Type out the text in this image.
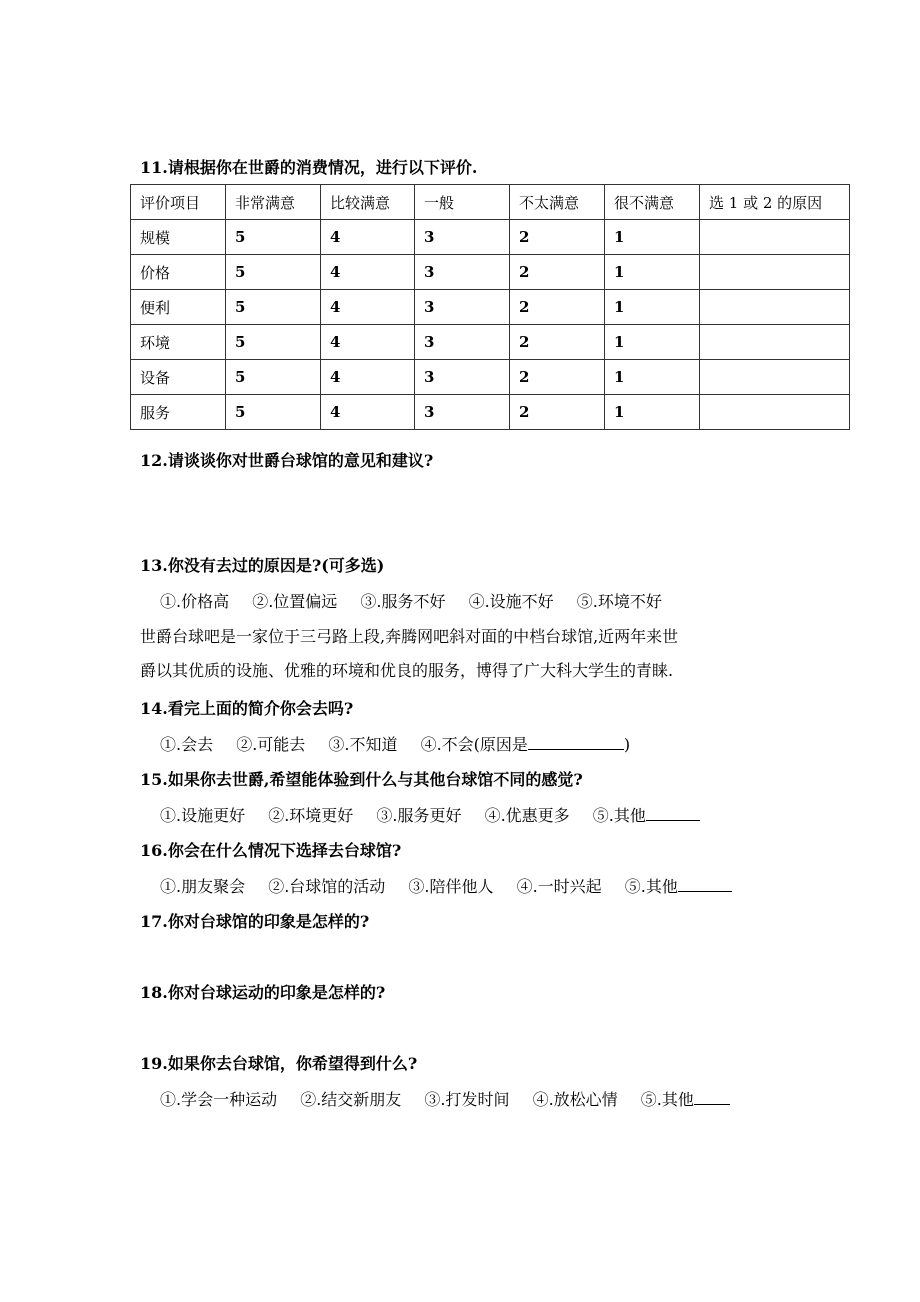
11.请根据你在世爵的消费情况，进行以下评价.
评价项目	非常满意	比较满意	一般	不太满意	很不满意	选 1 或 2 的原因
规模	5	4	3	2	1	
价格	5	4	3	2	1	
便利	5	4	3	2	1	
环境	5	4	3	2	1	
设备	5	4	3	2	1	
服务	5	4	3	2	1	
12.请谈谈你对世爵台球馆的意见和建议?
13.你没有去过的原因是?(可多选)
①.价格高 ②.位置偏远 ③.服务不好 ④.设施不好 ⑤.环境不好
世爵台球吧是一家位于三弓路上段,奔腾网吧斜对面的中档台球馆,近两年来世
爵以其优质的设施、优雅的环境和优良的服务，博得了广大科大学生的青睐.
14.看完上面的简介你会去吗?
①.会去 ②.可能去 ③.不知道 ④.不会(原因是	)
15.如果你去世爵,希望能体验到什么与其他台球馆不同的感觉?
①.设施更好 ②.环境更好 ③.服务更好 ④.优惠更多 ⑤.其他
16.你会在什么情况下选择去台球馆?
①.朋友聚会 ②.台球馆的活动 ③.陪伴他人 ④.一时兴起 ⑤.其他
17.你对台球馆的印象是怎样的?
18.你对台球运动的印象是怎样的?
19.如果你去台球馆，你希望得到什么?
①.学会一种运动 ②.结交新朋友 ③.打发时间 ④.放松心情 ⑤.其他
